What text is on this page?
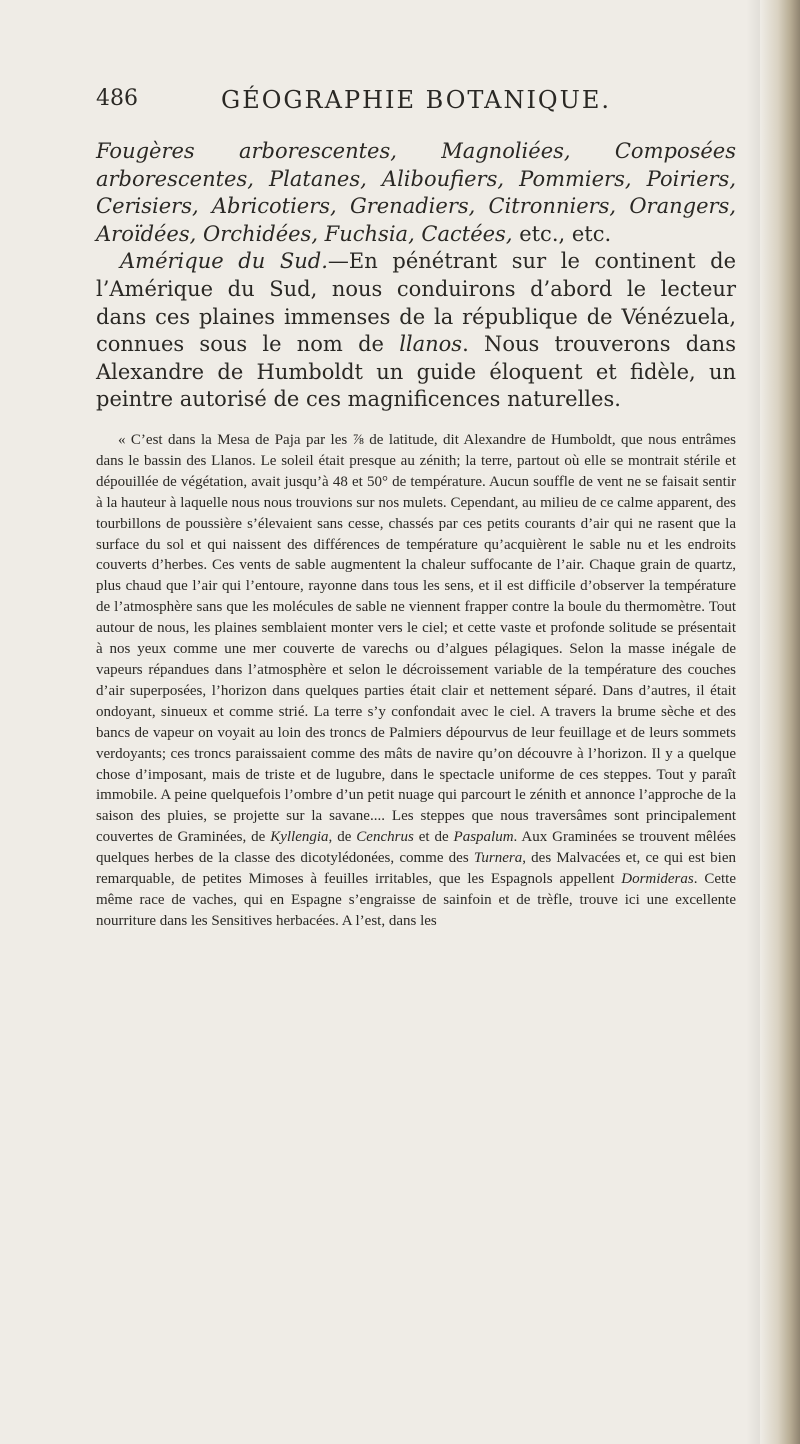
486	GÉOGRAPHIE BOTANIQUE.

Fougères arborescentes, Magnoliées, Composées arborescentes, Platanes, Aliboufiers, Pommiers, Poiriers, Cerisiers, Abricotiers, Grenadiers, Citronniers, Orangers, Aroïdées, Orchidées, Fuchsia, Cactées, etc., etc.

Amérique du Sud.—En pénétrant sur le continent de l’Amérique du Sud, nous conduirons d’abord le lecteur dans ces plaines immenses de la république de Vénézuela, connues sous le nom de llanos. Nous trouverons dans Alexandre de Humboldt un guide éloquent et fidèle, un peintre autorisé de ces magnificences naturelles.

« C’est dans la Mesa de Paja par les ⅞ de latitude, dit Alexandre de Humboldt, que nous entrâmes dans le bassin des Llanos. Le soleil était presque au zénith; la terre, partout où elle se montrait stérile et dépouillée de végétation, avait jusqu’à 48 et 50° de température. Aucun souffle de vent ne se faisait sentir à la hauteur à laquelle nous nous trouvions sur nos mulets. Cependant, au milieu de ce calme apparent, des tourbillons de poussière s’élevaient sans cesse, chassés par ces petits courants d’air qui ne rasent que la surface du sol et qui naissent des différences de température qu’acquièrent le sable nu et les endroits couverts d’herbes. Ces vents de sable augmentent la chaleur suffocante de l’air. Chaque grain de quartz, plus chaud que l’air qui l’entoure, rayonne dans tous les sens, et il est difficile d’observer la température de l’atmosphère sans que les molécules de sable ne viennent frapper contre la boule du thermomètre. Tout autour de nous, les plaines semblaient monter vers le ciel; et cette vaste et profonde solitude se présentait à nos yeux comme une mer couverte de varechs ou d’algues pélagiques. Selon la masse inégale de vapeurs répandues dans l’atmosphère et selon le décroissement variable de la température des couches d’air superposées, l’horizon dans quelques parties était clair et nettement séparé. Dans d’autres, il était ondoyant, sinueux et comme strié. La terre s’y confondait avec le ciel. A travers la brume sèche et des bancs de vapeur on voyait au loin des troncs de Palmiers dépourvus de leur feuillage et de leurs sommets verdoyants; ces troncs paraissaient comme des mâts de navire qu’on découvre à l’horizon. Il y a quelque chose d’imposant, mais de triste et de lugubre, dans le spectacle uniforme de ces steppes. Tout y paraît immobile. A peine quelquefois l’ombre d’un petit nuage qui parcourt le zénith et annonce l’approche de la saison des pluies, se projette sur la savane.... Les steppes que nous traversâmes sont principalement couvertes de Graminées, de Kyllengia, de Cenchrus et de Paspalum. Aux Graminées se trouvent mêlées quelques herbes de la classe des dicotylédonées, comme des Turnera, des Malvacées et, ce qui est bien remarquable, de petites Mimoses à feuilles irritables, que les Espagnols appellent Dormideras. Cette même race de vaches, qui en Espagne s’engraisse de sainfoin et de trèfle, trouve ici une excellente nourriture dans les Sensitives herbacées. A l’est, dans les
